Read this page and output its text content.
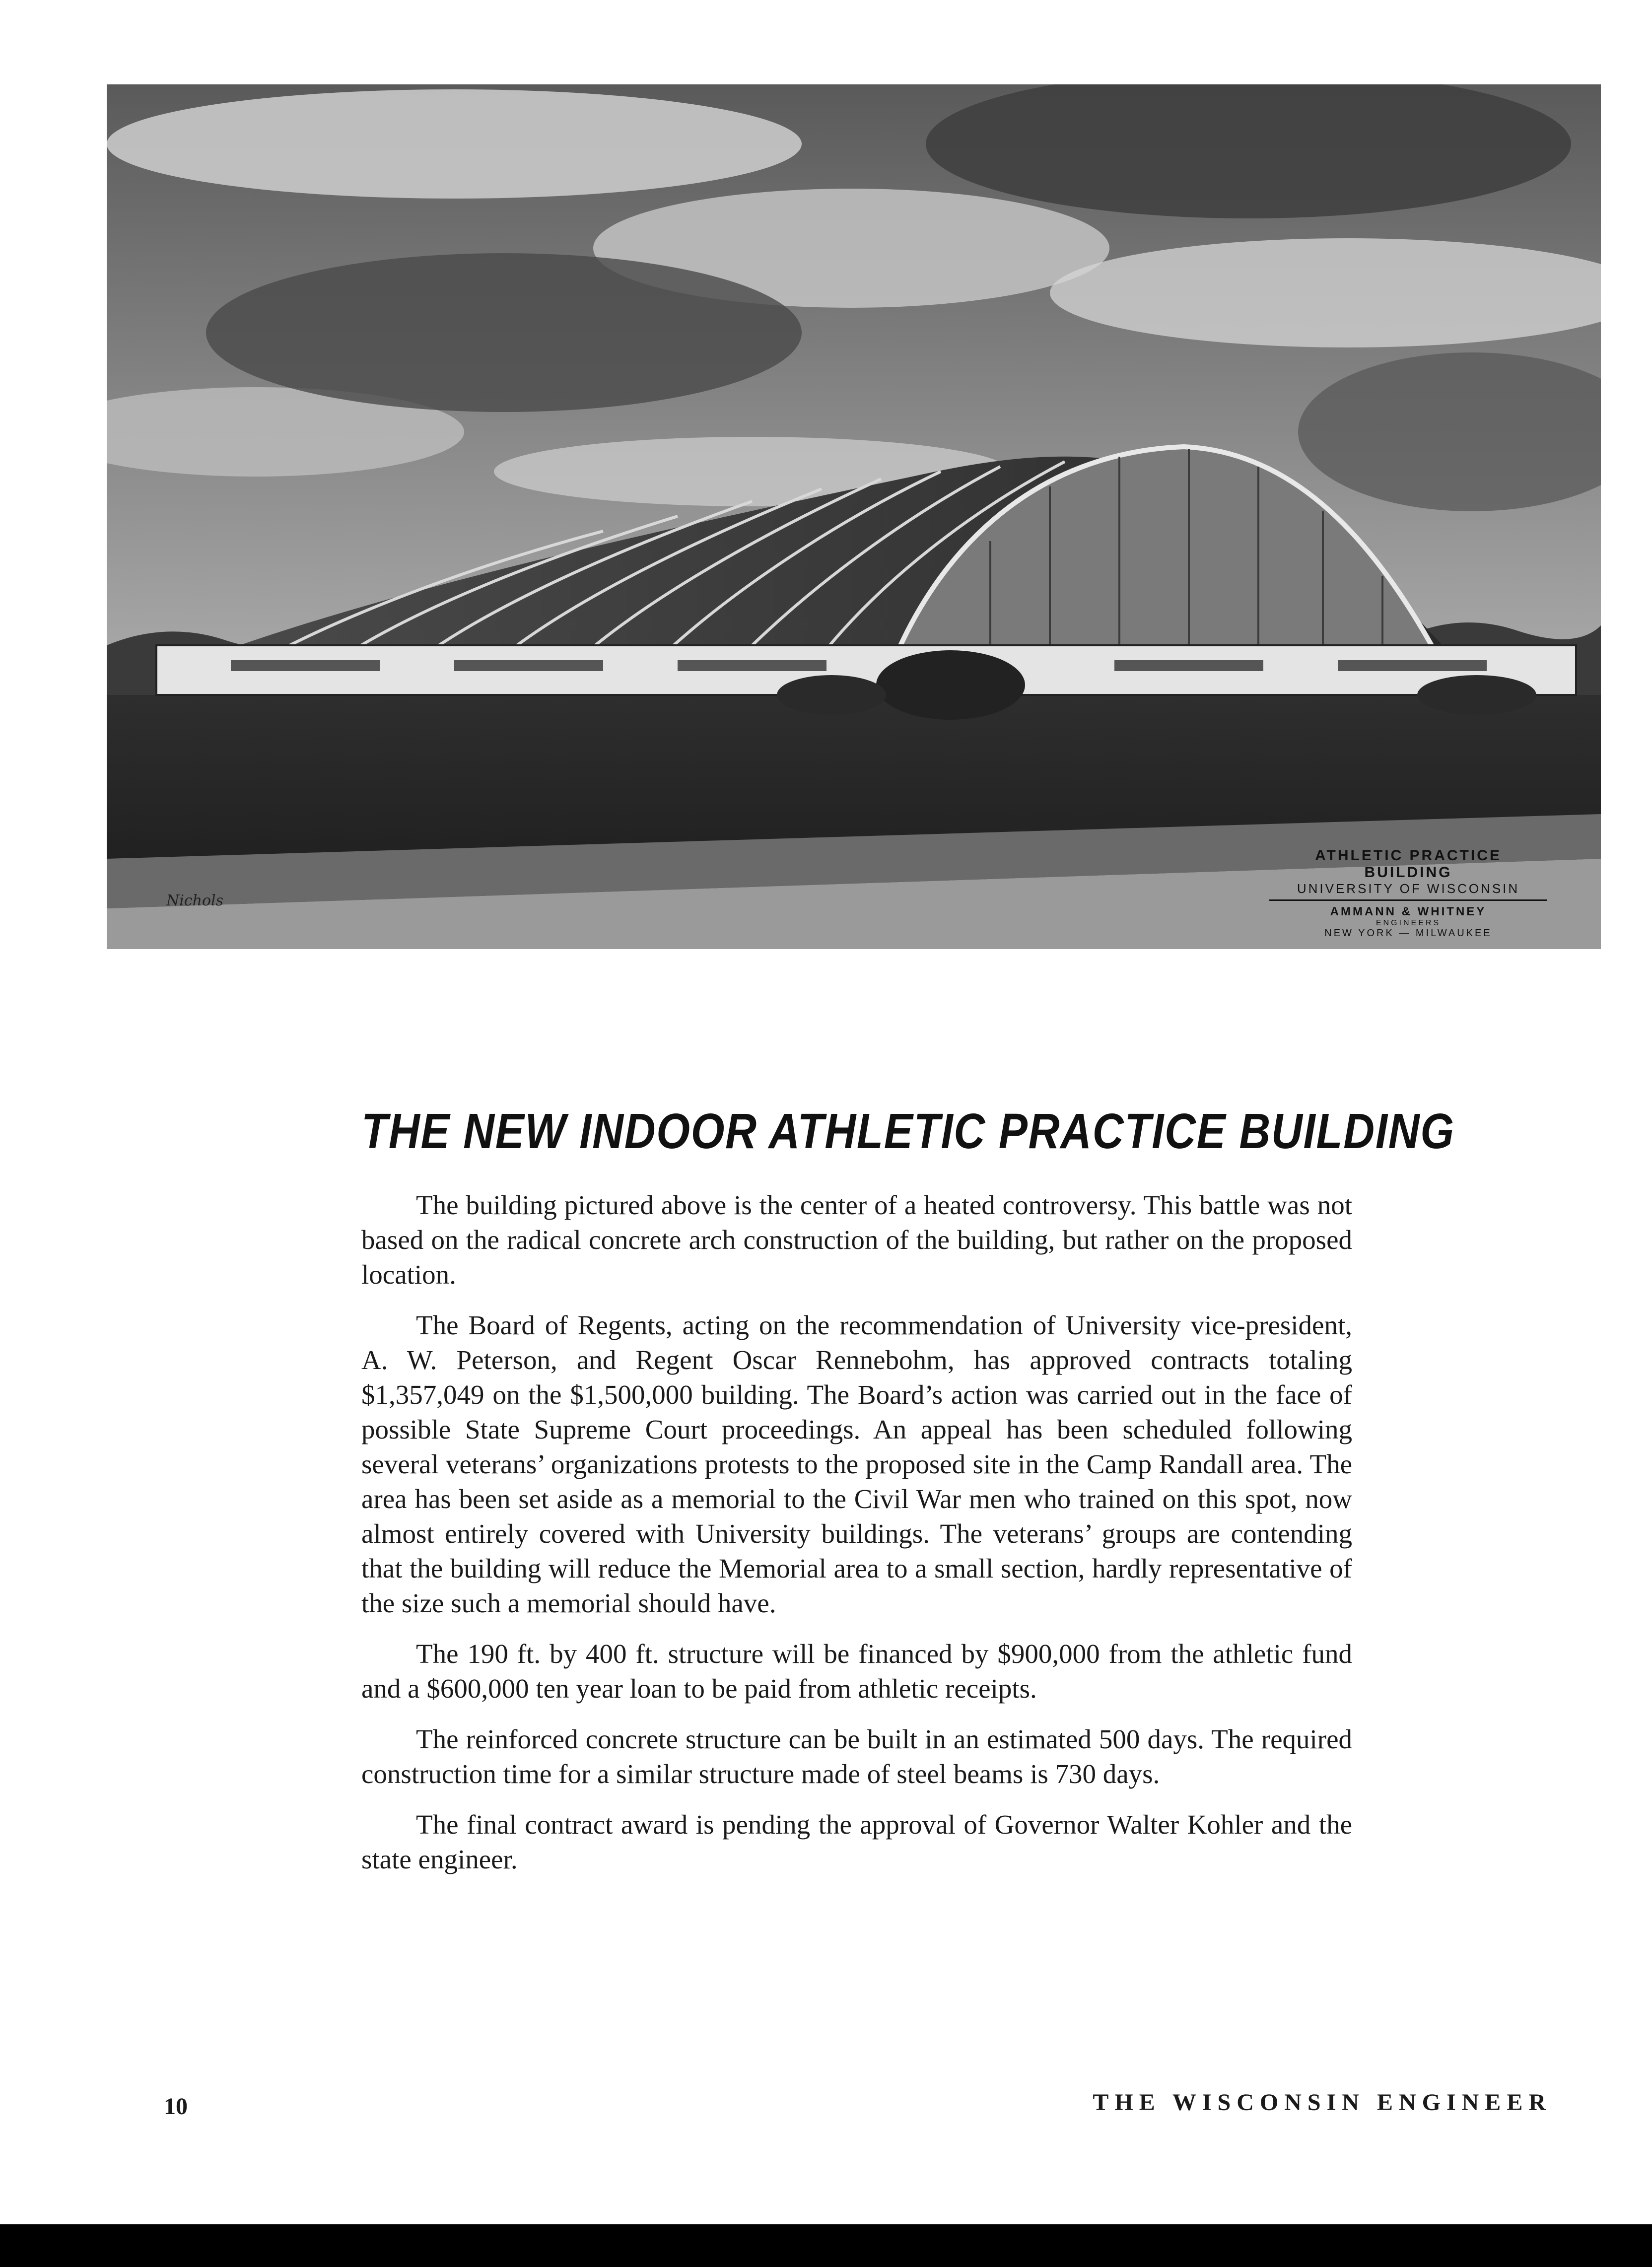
Nichols
ATHLETIC PRACTICE BUILDING
UNIVERSITY OF WISCONSIN
AMMANN & WHITNEY
ENGINEERS
NEW YORK — MILWAUKEE
THE NEW INDOOR ATHLETIC PRACTICE BUILDING

The building pictured above is the center of a heated controversy. This battle was not based on the radical concrete arch construction of the building, but rather on the proposed location.

The Board of Regents, acting on the recommendation of University vice-president, A. W. Peterson, and Regent Oscar Rennebohm, has approved contracts totaling $1,357,049 on the $1,500,000 building. The Board’s action was carried out in the face of possible State Supreme Court proceedings. An appeal has been scheduled following several veterans’ organizations protests to the proposed site in the Camp Randall area. The area has been set aside as a memorial to the Civil War men who trained on this spot, now almost entirely covered with University buildings. The veterans’ groups are contending that the building will reduce the Memorial area to a small section, hardly representative of the size such a memorial should have.

The 190 ft. by 400 ft. structure will be financed by $900,000 from the athletic fund and a $600,000 ten year loan to be paid from athletic receipts.

The reinforced concrete structure can be built in an estimated 500 days. The required construction time for a similar structure made of steel beams is 730 days.

The final contract award is pending the approval of Governor Walter Kohler and the state engineer.

10	THE WISCONSIN ENGINEER
